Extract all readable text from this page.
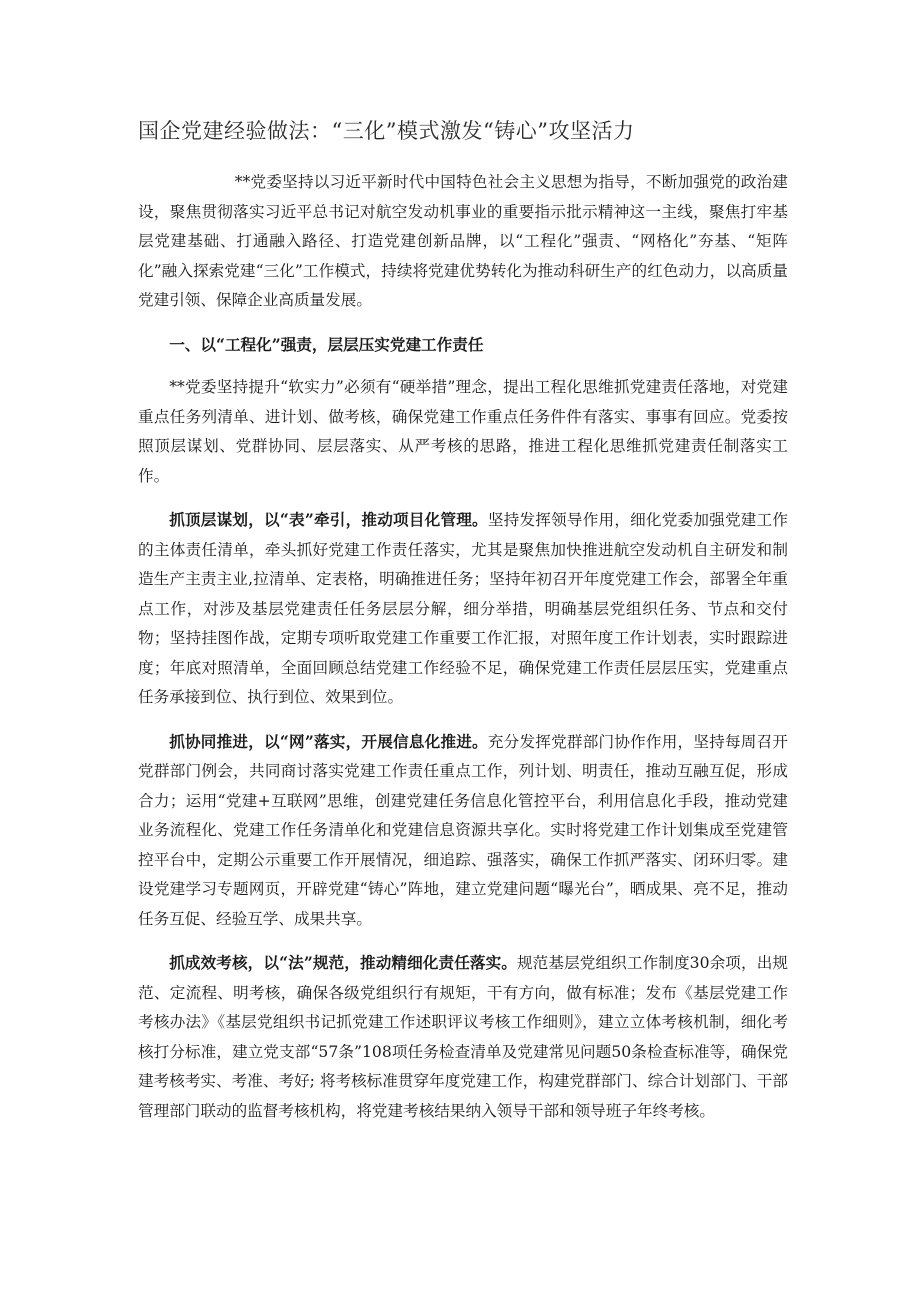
国企党建经验做法：“三化”模式激发“铸心”攻坚活力

**党委坚持以习近平新时代中国特色社会主义思想为指导，不断加强党的政治建设，聚焦贯彻落实习近平总书记对航空发动机事业的重要指示批示精神这一主线，聚焦打牢基层党建基础、打通融入路径、打造党建创新品牌，以“工程化”强责、“网格化”夯基、“矩阵化”融入探索党建“三化”工作模式，持续将党建优势转化为推动科研生产的红色动力，以高质量党建引领、保障企业高质量发展。

一、以“工程化”强责，层层压实党建工作责任

**党委坚持提升“软实力”必须有“硬举措”理念，提出工程化思维抓党建责任落地，对党建重点任务列清单、进计划、做考核，确保党建工作重点任务件件有落实、事事有回应。党委按照顶层谋划、党群协同、层层落实、从严考核的思路，推进工程化思维抓党建责任制落实工作。

抓顶层谋划，以“表”牵引，推动项目化管理。坚持发挥领导作用，细化党委加强党建工作的主体责任清单，牵头抓好党建工作责任落实，尤其是聚焦加快推进航空发动机自主研发和制造生产主责主业,拉清单、定表格，明确推进任务；坚持年初召开年度党建工作会，部署全年重点工作，对涉及基层党建责任任务层层分解，细分举措，明确基层党组织任务、节点和交付物；坚持挂图作战，定期专项听取党建工作重要工作汇报，对照年度工作计划表，实时跟踪进度；年底对照清单，全面回顾总结党建工作经验不足，确保党建工作责任层层压实，党建重点任务承接到位、执行到位、效果到位。

抓协同推进，以“网”落实，开展信息化推进。充分发挥党群部门协作作用，坚持每周召开党群部门例会，共同商讨落实党建工作责任重点工作，列计划、明责任，推动互融互促，形成合力；运用“党建+互联网”思维，创建党建任务信息化管控平台，利用信息化手段，推动党建业务流程化、党建工作任务清单化和党建信息资源共享化。实时将党建工作计划集成至党建管控平台中，定期公示重要工作开展情况，细追踪、强落实，确保工作抓严落实、闭环归零。建设党建学习专题网页，开辟党建“铸心”阵地，建立党建问题“曝光台”，晒成果、亮不足，推动任务互促、经验互学、成果共享。

抓成效考核，以“法”规范，推动精细化责任落实。规范基层党组织工作制度30余项，出规范、定流程、明考核，确保各级党组织行有规矩，干有方向，做有标准；发布《基层党建工作考核办法》《基层党组织书记抓党建工作述职评议考核工作细则》，建立立体考核机制，细化考核打分标准，建立党支部“57条”108项任务检查清单及党建常见问题50条检查标准等，确保党建考核考实、考准、考好; 将考核标准贯穿年度党建工作，构建党群部门、综合计划部门、干部管理部门联动的监督考核机构，将党建考核结果纳入领导干部和领导班子年终考核。
